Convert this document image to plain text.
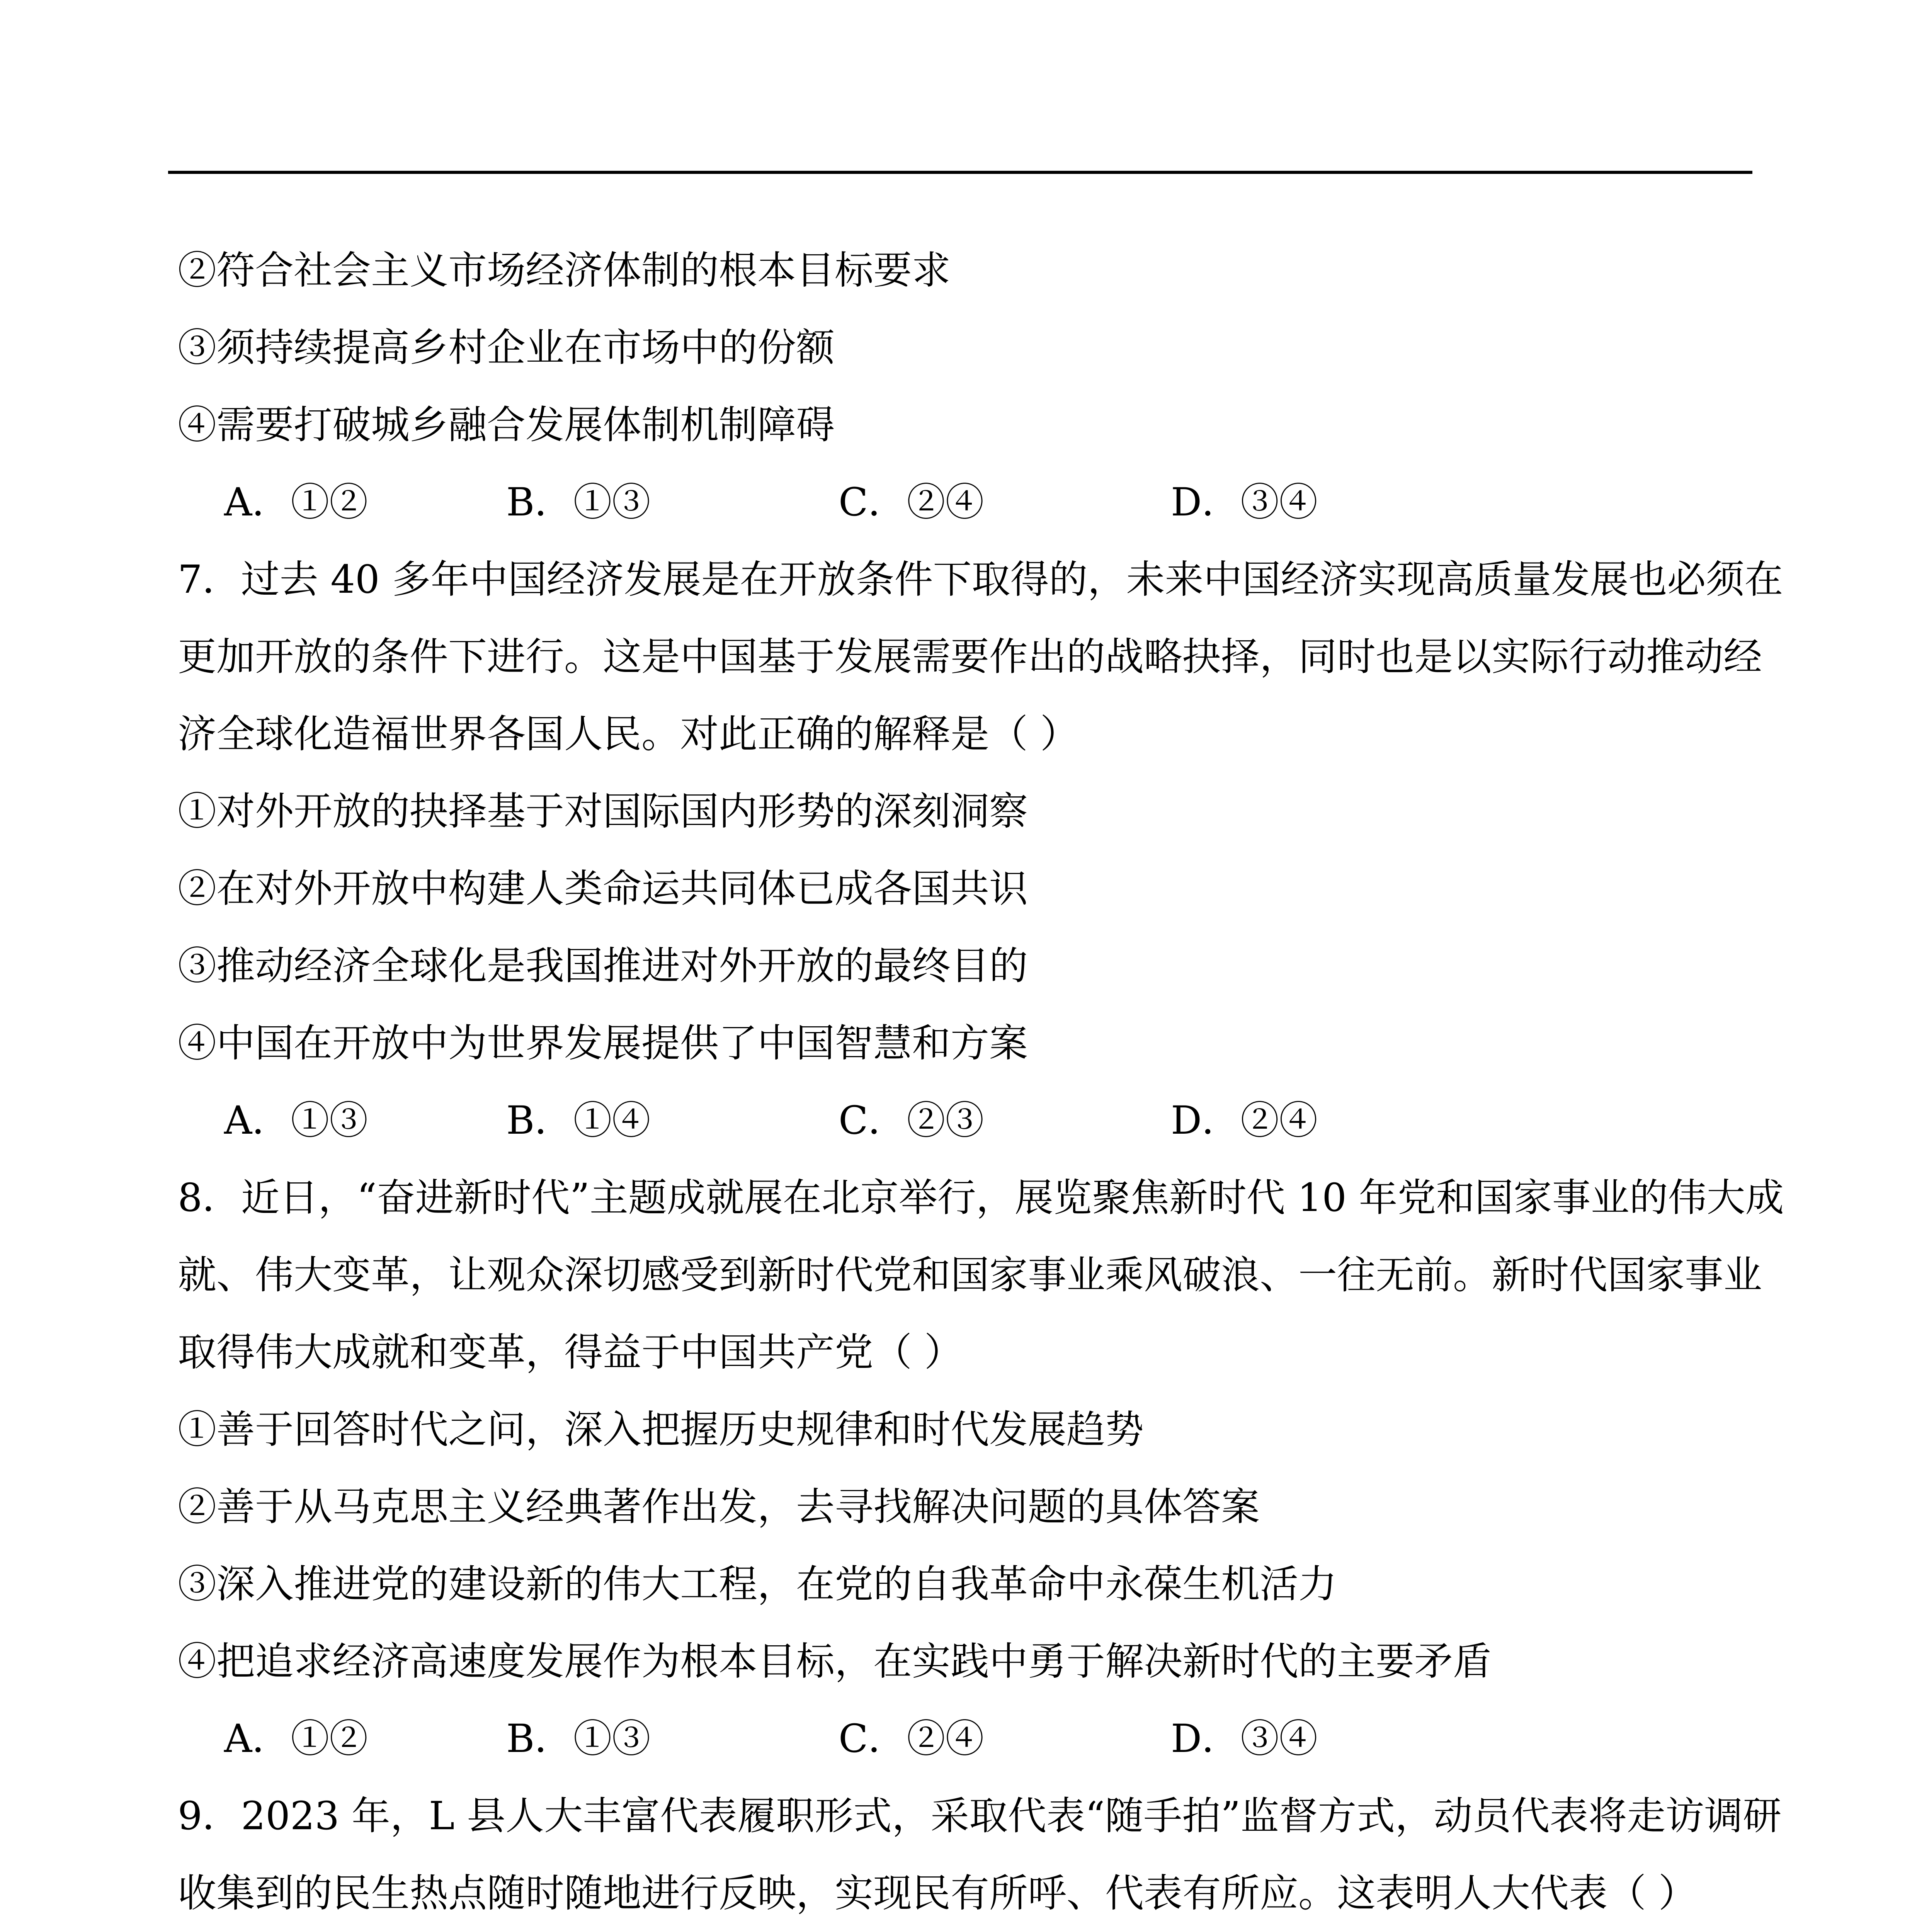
②符合社会主义市场经济体制的根本目标要求
③须持续提高乡村企业在市场中的份额
④需要打破城乡融合发展体制机制障碍
A．①②	B．①③	C．②④	D．③④
7．过去 40 多年中国经济发展是在开放条件下取得的，未来中国经济实现高质量发展也必须在
更加开放的条件下进行。这是中国基于发展需要作出的战略抉择，同时也是以实际行动推动经
济全球化造福世界各国人民。对此正确的解释是（ ）
①对外开放的抉择基于对国际国内形势的深刻洞察
②在对外开放中构建人类命运共同体已成各国共识
③推动经济全球化是我国推进对外开放的最终目的
④中国在开放中为世界发展提供了中国智慧和方案
A．①③	B．①④	C．②③	D．②④
8．近日，“奋进新时代”主题成就展在北京举行，展览聚焦新时代 10 年党和国家事业的伟大成
就、伟大变革，让观众深切感受到新时代党和国家事业乘风破浪、一往无前。新时代国家事业
取得伟大成就和变革，得益于中国共产党（ ）
①善于回答时代之问，深入把握历史规律和时代发展趋势
②善于从马克思主义经典著作出发，去寻找解决问题的具体答案
③深入推进党的建设新的伟大工程，在党的自我革命中永葆生机活力
④把追求经济高速度发展作为根本目标，在实践中勇于解决新时代的主要矛盾
A．①②	B．①③	C．②④	D．③④
9．2023 年，L 县人大丰富代表履职形式，采取代表“随手拍”监督方式，动员代表将走访调研
收集到的民生热点随时随地进行反映，实现民有所呼、代表有所应。这表明人大代表（ ）
